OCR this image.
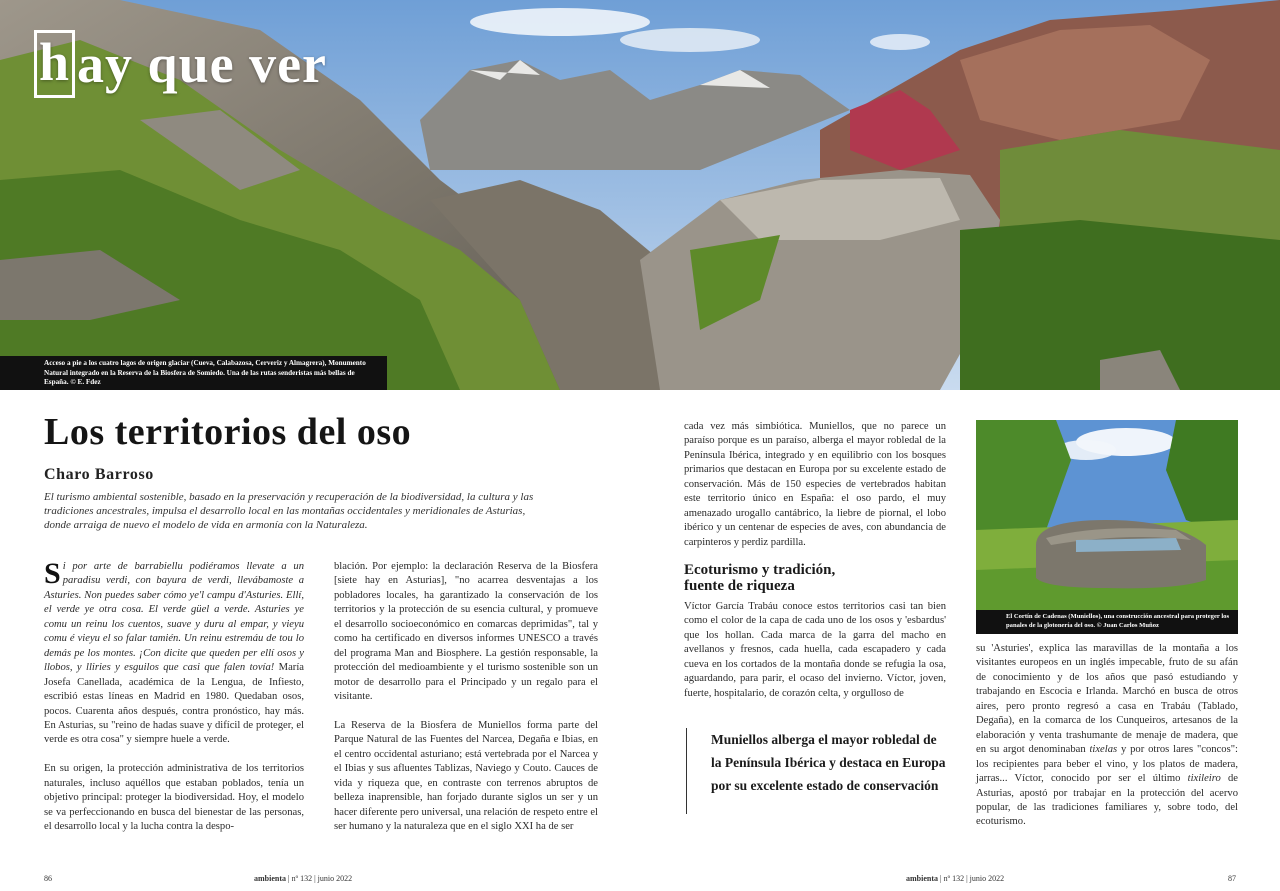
h ay que ver
Acceso a pie a los cuatro lagos de origen glaciar (Cueva, Calabazosa, Cerveriz y Almagrera), Monumento Natural integrado en la Reserva de la Biosfera de Somiedo. Una de las rutas senderistas más bellas de España. © E. Fdez
Los territorios del oso
Charo Barroso
El turismo ambiental sostenible, basado en la preservación y recuperación de la biodiversidad, la cultura y las tradiciones ancestrales, impulsa el desarrollo local en las montañas occidentales y meridionales de Asturias, donde arraiga de nuevo el modelo de vida en armonía con la Naturaleza.

Si por arte de barrabiellu podiéramos llevate a un paradisu verdi, con bayura de verdi, llevábamoste a Asturies. Non puedes saber cómo ye'l campu d'Asturies. Ellí, el verde ye otra cosa. El verde güel a verde. Asturies ye comu un reinu los cuentos, suave y duru al empar, y vieyu comu é vieyu el so falar tamién. Un reinu estremáu de tou lo demás pe los montes. ¡Con dicite que queden per ellí osos y llobos, y lliries y esguilos que casi que falen tovía! María Josefa Canellada, académica de la Lengua, de Infiesto, escribió estas líneas en Madrid en 1980. Quedaban osos, pocos. Cuarenta años después, contra pronóstico, hay más. En Asturias, su "reino de hadas suave y difícil de proteger, el verde es otra cosa" y siempre huele a verde.

En su origen, la protección administrativa de los territorios naturales, incluso aquéllos que estaban poblados, tenía un objetivo principal: proteger la biodiversidad. Hoy, el modelo se va perfeccionando en busca del bienestar de las personas, el desarrollo local y la lucha contra la despo-

blación. Por ejemplo: la declaración Reserva de la Biosfera [siete hay en Asturias], "no acarrea desventajas a los pobladores locales, ha garantizado la conservación de los territorios y la protección de su esencia cultural, y promueve el desarrollo socioeconómico en comarcas deprimidas", tal y como ha certificado en diversos informes UNESCO a través del programa Man and Biosphere. La gestión responsable, la protección del medioambiente y el turismo sostenible son un motor de desarrollo para el Principado y un regalo para el visitante.

La Reserva de la Biosfera de Muniellos forma parte del Parque Natural de las Fuentes del Narcea, Degaña e Ibias, en el centro occidental asturiano; está vertebrada por el Narcea y el Ibias y sus afluentes Tablizas, Naviego y Couto. Cauces de vida y riqueza que, en contraste con terrenos abruptos de belleza inaprensible, han forjado durante siglos un ser y un hacer diferente pero universal, una relación de respeto entre el ser humano y la naturaleza que en el siglo XXI ha de ser

86	ambienta | nº 132 | junio 2022

cada vez más simbiótica. Muniellos, que no parece un paraíso porque es un paraíso, alberga el mayor robledal de la Península Ibérica, integrado y en equilibrio con los bosques primarios que destacan en Europa por su excelente estado de conservación. Más de 150 especies de vertebrados habitan este territorio único en España: el oso pardo, el muy amenazado urogallo cantábrico, la liebre de piornal, el lobo ibérico y un centenar de especies de aves, con abundancia de carpinteros y perdiz pardilla.

Ecoturismo y tradición,
fuente de riqueza

Víctor García Trabáu conoce estos territorios casi tan bien como el color de la capa de cada uno de los osos y 'esbardus' que los hollan. Cada marca de la garra del macho en avellanos y fresnos, cada huella, cada escapadero y cada cueva en los cortados de la montaña donde se refugia la osa, aguardando, para parir, el ocaso del invierno. Víctor, joven, fuerte, hospitalario, de corazón celta, y orgulloso de

Muniellos alberga el mayor robledal de la Península Ibérica y destaca en Europa por su excelente estado de conservación
El Cortín de Cadenas (Muniellos), una construcción ancestral para proteger los panales de la glotonería del oso. © Juan Carlos Muñoz

su 'Asturies', explica las maravillas de la montaña a los visitantes europeos en un inglés impecable, fruto de su afán de conocimiento y de los años que pasó estudiando y trabajando en Escocia e Irlanda. Marchó en busca de otros aires, pero pronto regresó a casa en Trabáu (Tablado, Degaña), en la comarca de los Cunqueiros, artesanos de la elaboración y venta trashumante de menaje de madera, que en su argot denominaban tixelas y por otros lares "concos": los recipientes para beber el vino, y los platos de madera, jarras... Víctor, conocido por ser el último tixileiro de Asturias, apostó por trabajar en la protección del acervo popular, de las tradiciones familiares y, sobre todo, del ecoturismo.

ambienta | nº 132 | junio 2022	87
